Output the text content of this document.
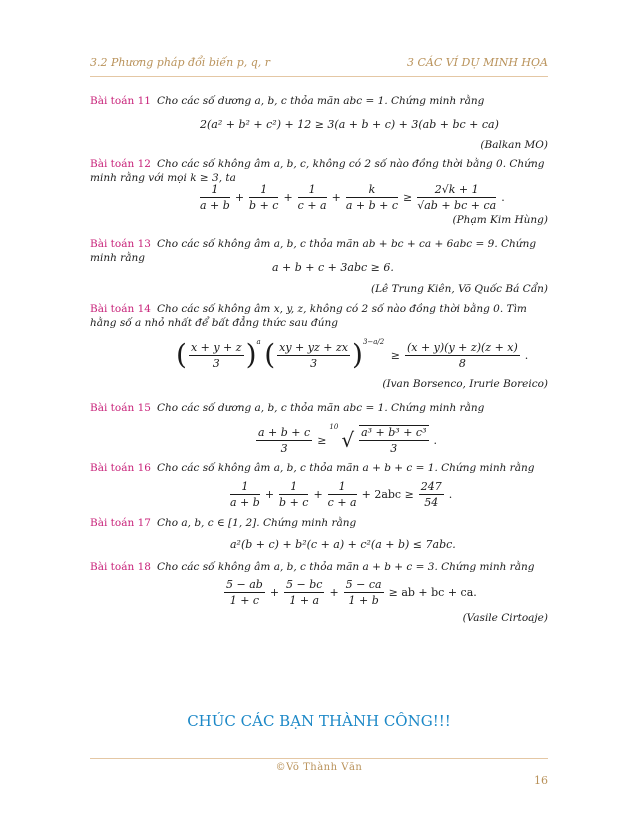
3.2 Phương pháp đổi biến p, q, r	3 CÁC VÍ DỤ MINH HỌA
Bài toán 11 Cho các số dương a, b, c thỏa mãn abc = 1. Chứng minh rằng
2(a² + b² + c²) + 12 ≥ 3(a + b + c) + 3(ab + bc + ca)
(Balkan MO)
Bài toán 12 Cho các số không âm a, b, c, không có 2 số nào đồng thời bằng 0. Chứng minh rằng với mọi k ≥ 3, ta
$\frac{1}{a + b} + \frac{1}{b + c} + \frac{1}{c + a} + \frac{k}{a + b + c} \ge \frac{2√k + 1}{√ab + bc + ca}$ .
(Phạm Kim Hùng)
Bài toán 13 Cho các số không âm a, b, c thỏa mãn ab + bc + ca + 6abc = 9. Chứng minh rằng
a + b + c + 3abc ≥ 6.
(Lê Trung Kiên, Võ Quốc Bá Cẩn)
Bài toán 14 Cho các số không âm x, y, z, không có 2 số nào đồng thời bằng 0. Tìm hằng số a nhỏ nhất để bất đẳng thức sau đúng
( $\frac{x + y + z}{3} )^a$ ( $\frac{xy + yz + zx}{3} )^{3-a/2} \ge \frac{(x + y)(y + z)(z + x)}{8}$ .
(Ivan Borsenco, Irurie Boreico)
Bài toán 15 Cho các số dương a, b, c thỏa mãn abc = 1. Chứng minh rằng
$\frac{a + b + c}{3} \ge^{10}√ \frac{\text{a³ + b³ + c³}}{3}$ .
Bài toán 16 Cho các số không âm a, b, c thỏa mãn a + b + c = 1. Chứng minh rằng
$\frac{1}{a + b} + \frac{1}{b + c} + \frac{1}{c + a} + 2abc \ge \frac{247}{54}$ .
Bài toán 17 Cho a, b, c ∈ [1, 2]. Chứng minh rằng
a²(b + c) + b²(c + a) + c²(a + b) ≤ 7abc.
Bài toán 18 Cho các số không âm a, b, c thỏa mãn a + b + c = 3. Chứng minh rằng
$\frac{5 - ab}{1 + c} + \frac{5 - bc}{1 + a} + \frac{5 - ca}{1 + b}$ ≥ ab + bc + ca.
(Vasile Cirtoaje)
CHÚC CÁC BẠN THÀNH CÔNG!!!
©Võ Thành Văn
16
